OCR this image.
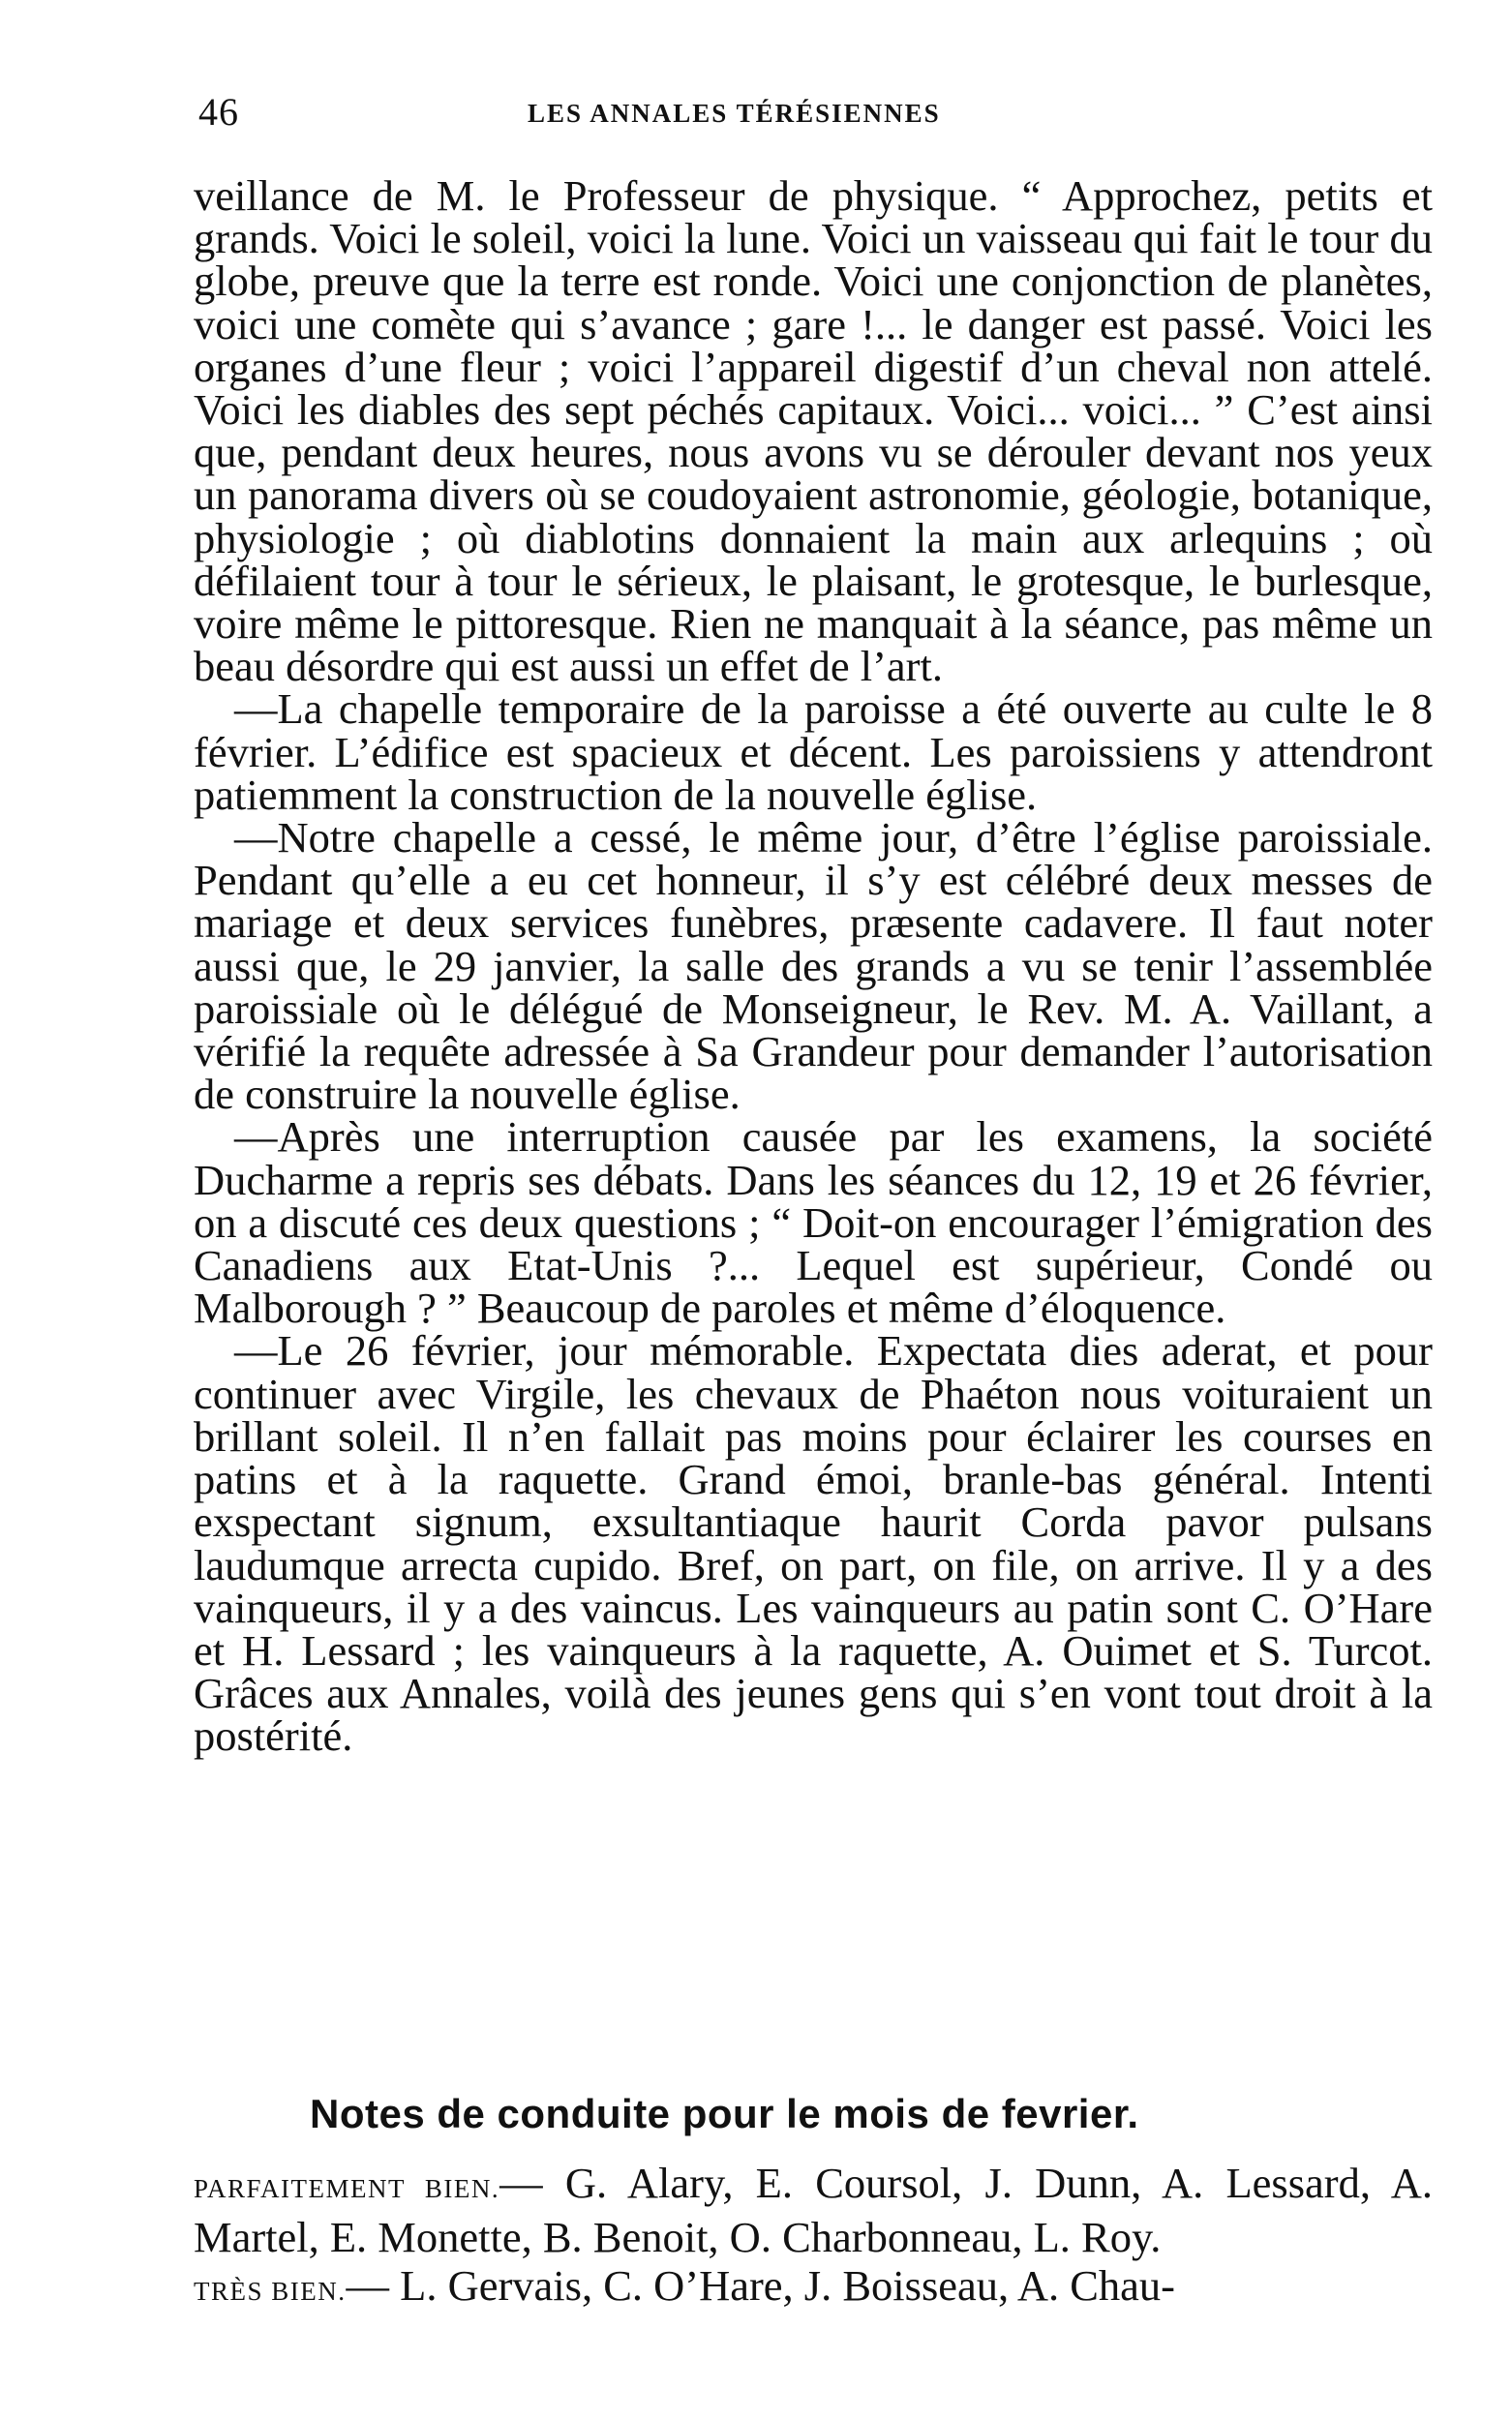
46	LES ANNALES TÉRÉSIENNES

veillance de M. le Professeur de physique. “ Approchez, petits et grands. Voici le soleil, voici la lune. Voici un vaisseau qui fait le tour du globe, preuve que la terre est ronde. Voici une conjonction de planètes, voici une comète qui s’avance ; gare !... le danger est passé. Voici les organes d’une fleur ; voici l’appareil digestif d’un cheval non attelé. Voici les diables des sept péchés capitaux. Voici... voici... ” C’est ainsi que, pendant deux heures, nous avons vu se dérouler devant nos yeux un panorama divers où se coudoyaient astronomie, géologie, botanique, physiologie ; où diablotins donnaient la main aux arlequins ; où défilaient tour à tour le sérieux, le plaisant, le grotesque, le burlesque, voire même le pittoresque. Rien ne manquait à la séance, pas même un beau désordre qui est aussi un effet de l’art.

—La chapelle temporaire de la paroisse a été ouverte au culte le 8 février. L’édifice est spacieux et décent. Les paroissiens y attendront patiemment la construction de la nouvelle église.

—Notre chapelle a cessé, le même jour, d’être l’église paroissiale. Pendant qu’elle a eu cet honneur, il s’y est célébré deux messes de mariage et deux services funèbres, præsente cadavere. Il faut noter aussi que, le 29 janvier, la salle des grands a vu se tenir l’assemblée paroissiale où le délégué de Monseigneur, le Rev. M. A. Vaillant, a vérifié la requête adressée à Sa Grandeur pour demander l’autorisation de construire la nouvelle église.

—Après une interruption causée par les examens, la société Ducharme a repris ses débats. Dans les séances du 12, 19 et 26 février, on a discuté ces deux questions ; “ Doit-on encourager l’émigration des Canadiens aux Etat-Unis ?... Lequel est supérieur, Condé ou Malborough ? ” Beaucoup de paroles et même d’éloquence.

—Le 26 février, jour mémorable. Expectata dies aderat, et pour continuer avec Virgile, les chevaux de Phaéton nous voituraient un brillant soleil. Il n’en fallait pas moins pour éclairer les courses en patins et à la raquette. Grand émoi, branle-bas général. Intenti exspectant signum, exsultantiaque haurit Corda pavor pulsans laudumque arrecta cupido. Bref, on part, on file, on arrive. Il y a des vainqueurs, il y a des vaincus. Les vainqueurs au patin sont C. O’Hare et H. Lessard ; les vainqueurs à la raquette, A. Ouimet et S. Turcot. Grâces aux Annales, voilà des jeunes gens qui s’en vont tout droit à la postérité.

Notes de conduite pour le mois de fevrier.

PARFAITEMENT BIEN.— G. Alary, E. Coursol, J. Dunn, A. Lessard, A. Martel, E. Monette, B. Benoit, O. Charbonneau, L. Roy.

TRÈS BIEN.— L. Gervais, C. O’Hare, J. Boisseau, A. Chau-
